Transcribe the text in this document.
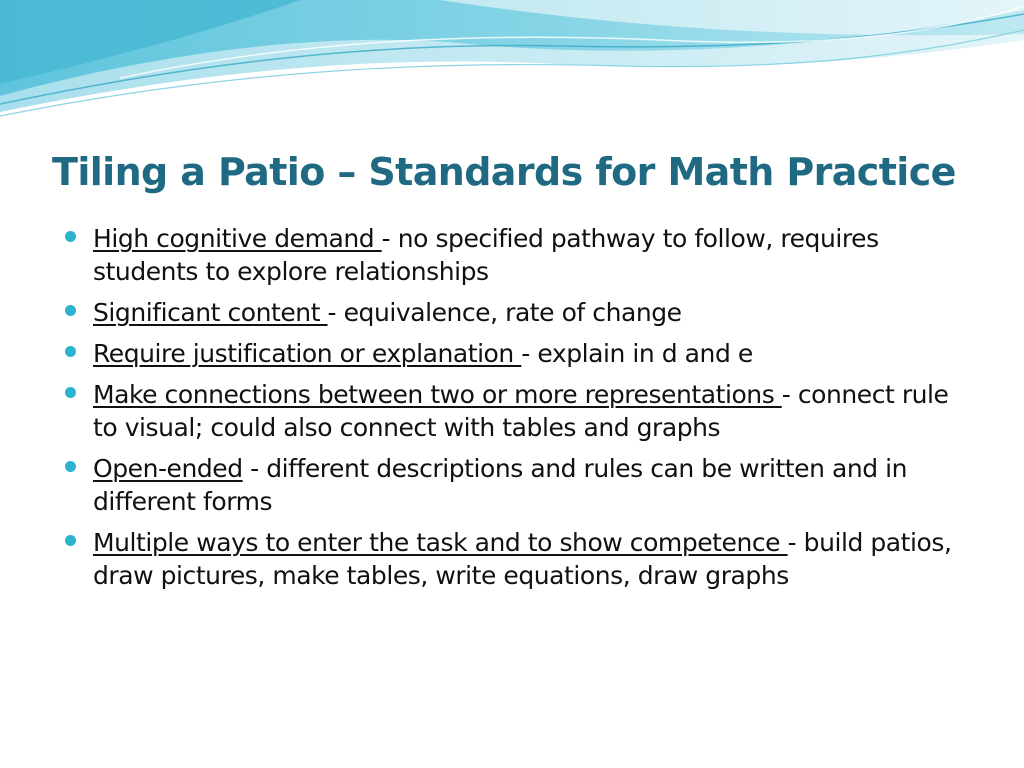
Tiling a Patio – Standards for Math Practice
High cognitive demand - no specified pathway to follow, requires students to explore relationships
Significant content - equivalence, rate of change
Require justification or explanation - explain in d and e
Make connections between two or more representations - connect rule to visual; could also connect with tables and graphs
Open-ended - different descriptions and rules can be written and in different forms
Multiple ways to enter the task and to show competence - build patios, draw pictures, make tables, write equations, draw graphs
